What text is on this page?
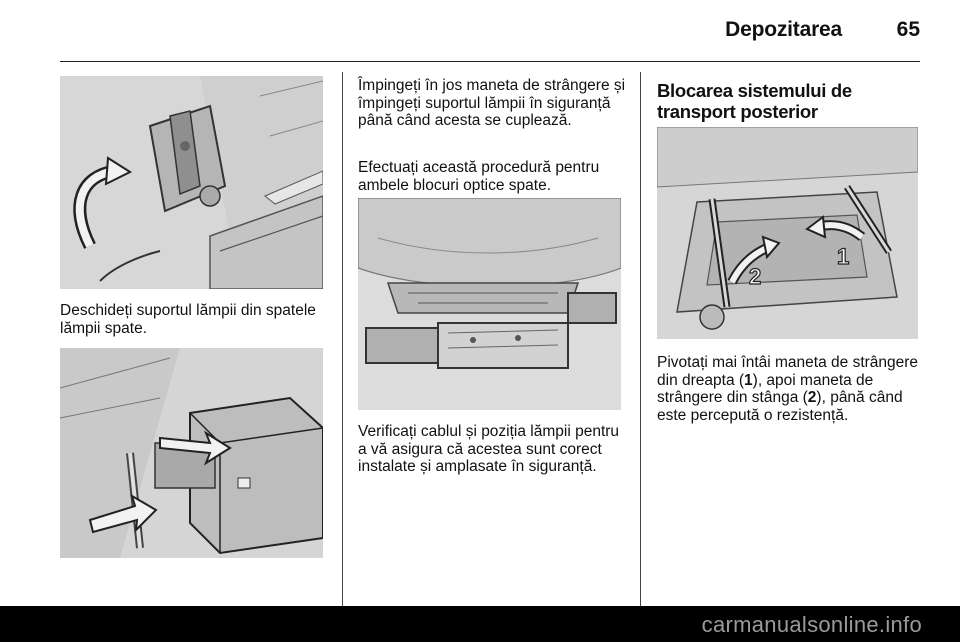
Depozitarea	65

Deschideți suportul lămpii din spatele lămpii spate.

Împingeți în jos maneta de strângere și împingeți suportul lămpii în siguranță până când acesta se cuplează.

Efectuați această procedură pentru ambele blocuri optice spate.

Verificați cablul și poziția lămpii pentru a vă asigura că acestea sunt corect instalate și amplasate în siguranță.

Blocarea sistemului de transport posterior
2
1

Pivotați mai întâi maneta de strângere din dreapta (1), apoi maneta de strângere din stânga (2), până când este percepută o rezistență.

carmanualsonline.info
